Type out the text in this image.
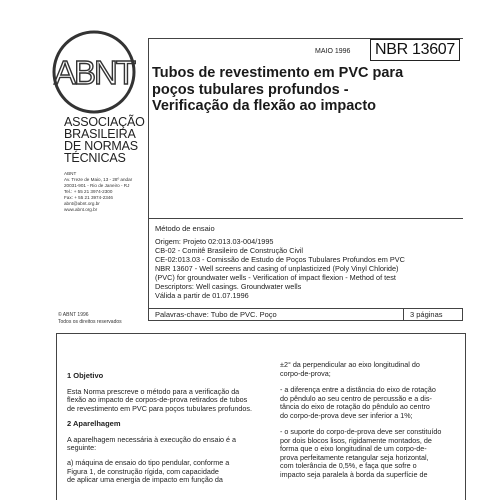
ABNT
ASSOCIAÇÃO
BRASILEIRA
DE NORMAS
TÉCNICAS
ABNT
Av. Treze de Maio, 13 - 28º andar
20031-901 - Rio de Janeiro - RJ
Tel.: + 55 21 3974-2300
Fax: + 55 21 3974-2346
abnt@abnt.org.br
www.abnt.org.br
© ABNT 1996
Todos os direitos reservados
MAIO 1996	NBR 13607
Tubos de revestimento em PVC para
poços tubulares profundos -
Verificação da flexão ao impacto
Método de ensaio
Origem: Projeto 02:013.03-004/1995
CB-02 - Comitê Brasileiro de Construção Civil
CE-02:013.03 - Comissão de Estudo de Poços Tubulares Profundos em PVC
NBR 13607 - Well screens and casing of unplasticized (Poly Vinyl Chloride)
(PVC) for groundwater wells - Verification of impact flexion - Method of test
Descriptors: Well casings. Groundwater wells
Válida a partir de 01.07.1996
Palavras-chave: Tubo de PVC. Poço	3 páginas
1 Objetivo
Esta Norma prescreve o método para a verificação da
flexão ao impacto de corpos-de-prova retirados de tubos
de revestimento em PVC para poços tubulares profundos.
2 Aparelhagem
A aparelhagem necessária à execução do ensaio é a
seguinte:
a) máquina de ensaio do tipo pendular, conforme a
Figura 1, de construção rígida, com capacidade
de aplicar uma energia de impacto em função da
±2° da perpendicular ao eixo longitudinal do
corpo-de-prova;
- a diferença entre a distância do eixo de rotação
do pêndulo ao seu centro de percussão e a dis-
tância do eixo de rotação do pêndulo ao centro
do corpo-de-prova deve ser inferior a 1%;
- o suporte do corpo-de-prova deve ser constituído
por dois blocos lisos, rigidamente montados, de
forma que o eixo longitudinal de um corpo-de-
prova perfeitamente retangular seja horizontal,
com tolerância de 0,5%, e faça que sofre o
impacto seja paralela à borda da superfície de
